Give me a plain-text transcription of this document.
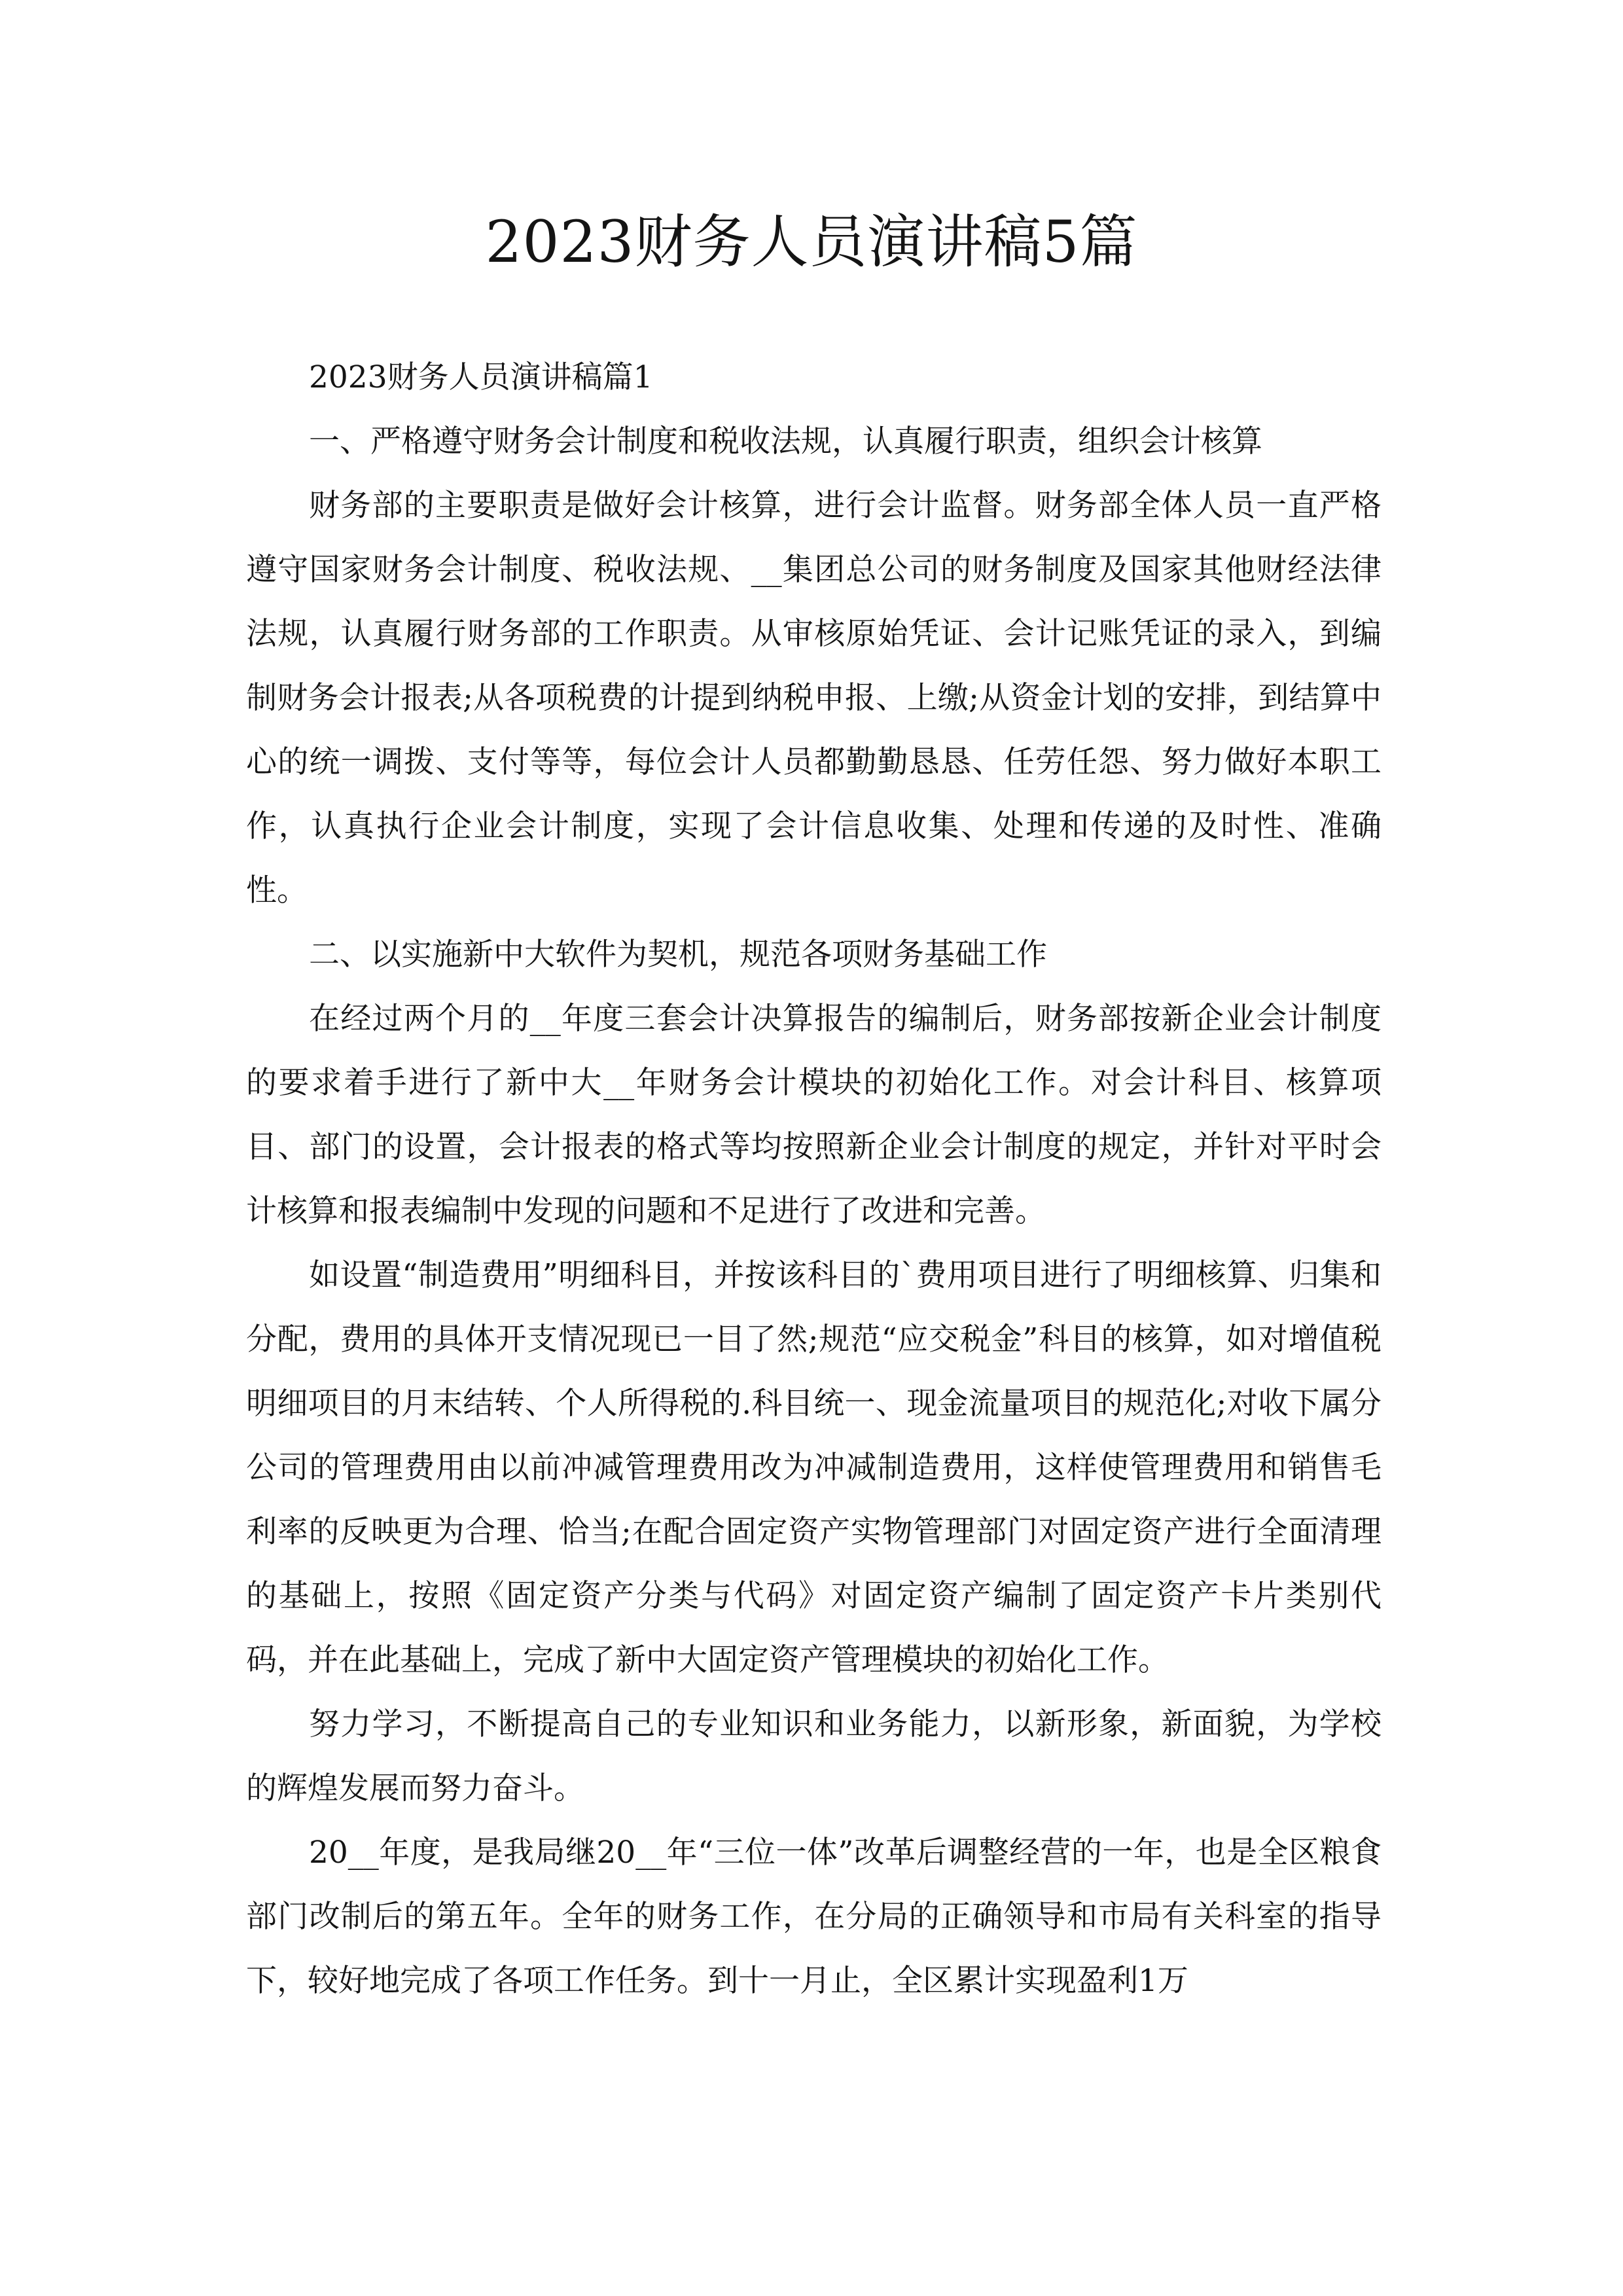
2023财务人员演讲稿5篇

2023财务人员演讲稿篇1

一、严格遵守财务会计制度和税收法规，认真履行职责，组织会计核算

财务部的主要职责是做好会计核算，进行会计监督。财务部全体人员一直严格遵守国家财务会计制度、税收法规、__集团总公司的财务制度及国家其他财经法律法规，认真履行财务部的工作职责。从审核原始凭证、会计记账凭证的录入，到编制财务会计报表;从各项税费的计提到纳税申报、上缴;从资金计划的安排，到结算中心的统一调拨、支付等等，每位会计人员都勤勤恳恳、任劳任怨、努力做好本职工作，认真执行企业会计制度，实现了会计信息收集、处理和传递的及时性、准确性。

二、以实施新中大软件为契机，规范各项财务基础工作

在经过两个月的__年度三套会计决算报告的编制后，财务部按新企业会计制度的要求着手进行了新中大__年财务会计模块的初始化工作。对会计科目、核算项目、部门的设置，会计报表的格式等均按照新企业会计制度的规定，并针对平时会计核算和报表编制中发现的问题和不足进行了改进和完善。

如设置“制造费用”明细科目，并按该科目的`费用项目进行了明细核算、归集和分配，费用的具体开支情况现已一目了然;规范“应交税金”科目的核算，如对增值税明细项目的月末结转、个人所得税的.科目统一、现金流量项目的规范化;对收下属分公司的管理费用由以前冲减管理费用改为冲减制造费用，这样使管理费用和销售毛利率的反映更为合理、恰当;在配合固定资产实物管理部门对固定资产进行全面清理的基础上，按照《固定资产分类与代码》对固定资产编制了固定资产卡片类别代码，并在此基础上，完成了新中大固定资产管理模块的初始化工作。

努力学习，不断提高自己的专业知识和业务能力，以新形象，新面貌，为学校的辉煌发展而努力奋斗。

20__年度，是我局继20__年“三位一体”改革后调整经营的一年，也是全区粮食部门改制后的第五年。全年的财务工作，在分局的正确领导和市局有关科室的指导下，较好地完成了各项工作任务。到十一月止，全区累计实现盈利1万
